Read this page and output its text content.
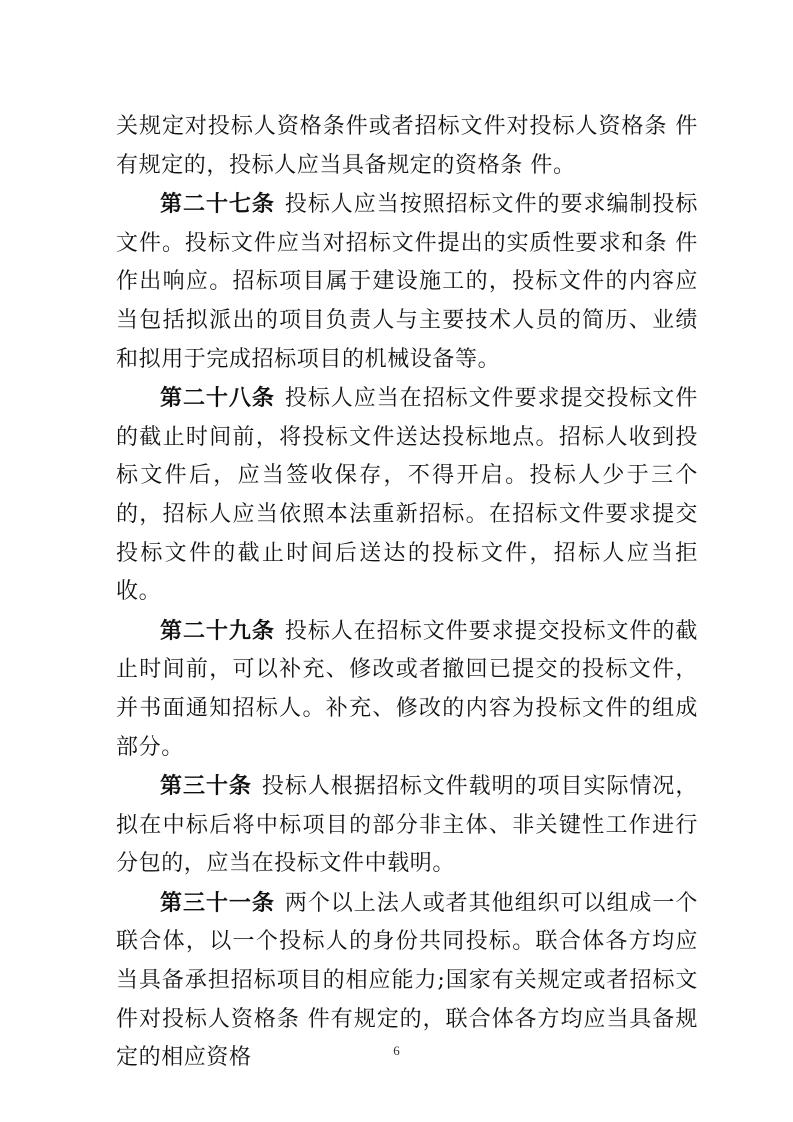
关规定对投标人资格条件或者招标文件对投标人资格条 件有规定的，投标人应当具备规定的资格条 件。

第二十七条 投标人应当按照招标文件的要求编制投标文件。投标文件应当对招标文件提出的实质性要求和条 件作出响应。招标项目属于建设施工的，投标文件的内容应当包括拟派出的项目负责人与主要技术人员的简历、业绩和拟用于完成招标项目的机械设备等。

第二十八条 投标人应当在招标文件要求提交投标文件的截止时间前，将投标文件送达投标地点。招标人收到投标文件后，应当签收保存，不得开启。投标人少于三个的，招标人应当依照本法重新招标。在招标文件要求提交投标文件的截止时间后送达的投标文件，招标人应当拒收。

第二十九条 投标人在招标文件要求提交投标文件的截止时间前，可以补充、修改或者撤回已提交的投标文件，并书面通知招标人。补充、修改的内容为投标文件的组成部分。

第三十条 投标人根据招标文件载明的项目实际情况，拟在中标后将中标项目的部分非主体、非关键性工作进行分包的，应当在投标文件中载明。

第三十一条 两个以上法人或者其他组织可以组成一个联合体，以一个投标人的身份共同投标。联合体各方均应当具备承担招标项目的相应能力;国家有关规定或者招标文件对投标人资格条 件有规定的，联合体各方均应当具备规定的相应资格	6
